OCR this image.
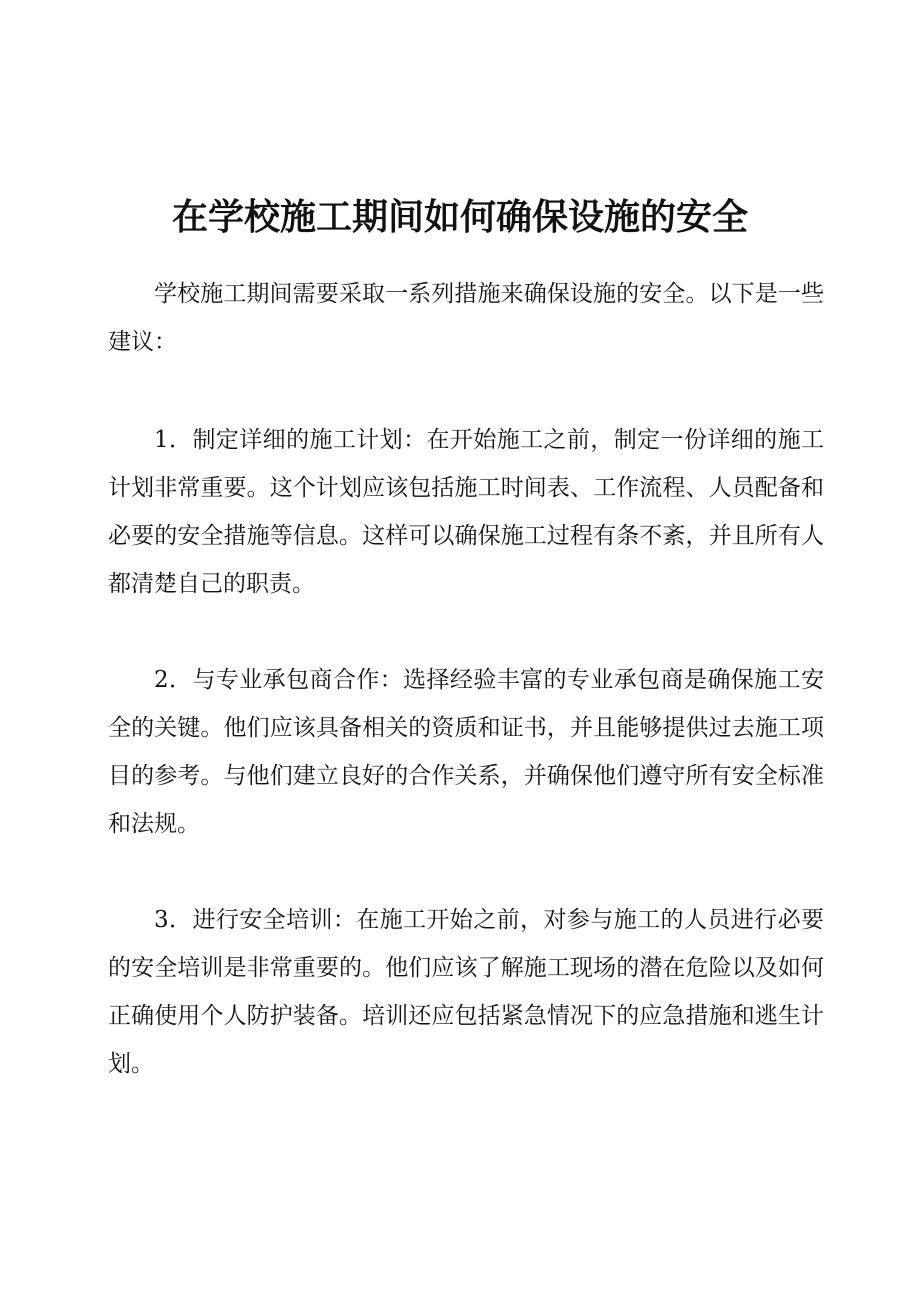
在学校施工期间如何确保设施的安全

学校施工期间需要采取一系列措施来确保设施的安全。以下是一些建议：

1．制定详细的施工计划：在开始施工之前，制定一份详细的施工计划非常重要。这个计划应该包括施工时间表、工作流程、人员配备和必要的安全措施等信息。这样可以确保施工过程有条不紊，并且所有人都清楚自己的职责。

2．与专业承包商合作：选择经验丰富的专业承包商是确保施工安全的关键。他们应该具备相关的资质和证书，并且能够提供过去施工项目的参考。与他们建立良好的合作关系，并确保他们遵守所有安全标准和法规。

3．进行安全培训：在施工开始之前，对参与施工的人员进行必要的安全培训是非常重要的。他们应该了解施工现场的潜在危险以及如何正确使用个人防护装备。培训还应包括紧急情况下的应急措施和逃生计划。
